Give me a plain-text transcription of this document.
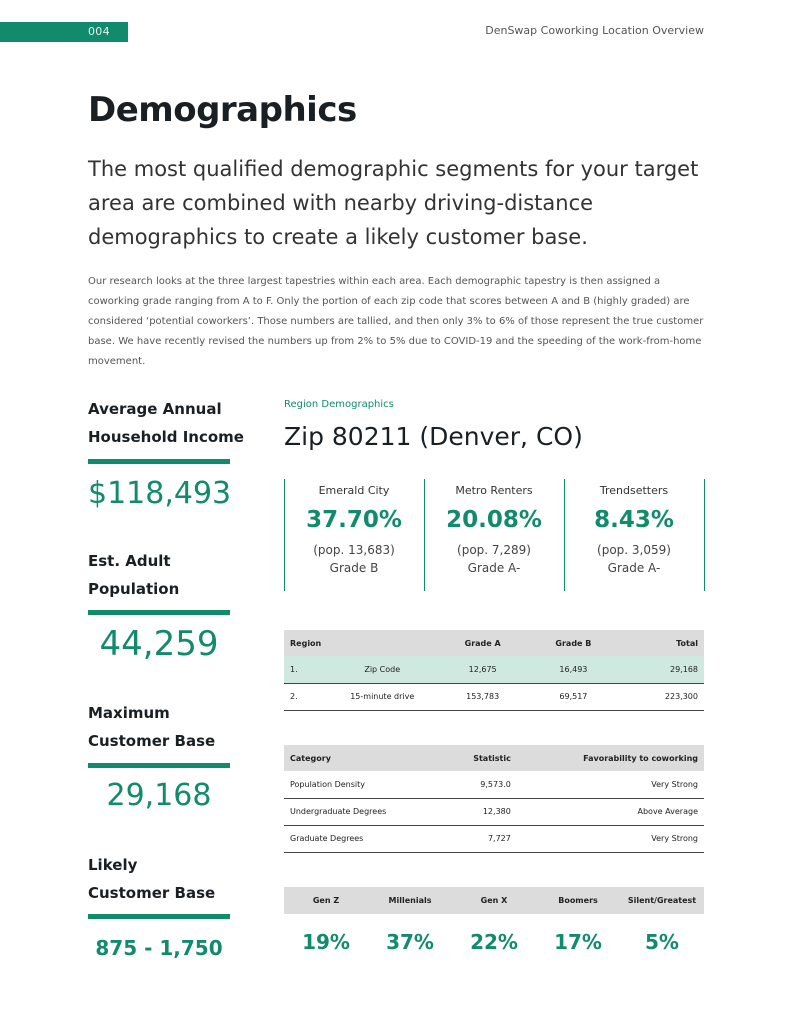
004	DenSwap Coworking Location Overview
Demographics

The most qualified demographic segments for your target area are combined with nearby driving-distance demographics to create a likely customer base.

Our research looks at the three largest tapestries within each area. Each demographic tapestry is then assigned a coworking grade ranging from A to F. Only the portion of each zip code that scores between A and B (highly graded) are considered ‘potential coworkers’. Those numbers are tallied, and then only 3% to 6% of those represent the true customer base. We have recently revised the numbers up from 2% to 5% due to COVID-19 and the speeding of the work-from-home movement.

Average Annual
Household Income
$118,493
Est. Adult
Population
44,259
Maximum
Customer Base
29,168
Likely
Customer Base
875 - 1,750
Region Demographics
Zip 80211 (Denver, CO)
Emerald City
37.70%
(pop. 13,683)
Grade B
Metro Renters
20.08%
(pop. 7,289)
Grade A-
Trendsetters
8.43%
(pop. 3,059)
Grade A-
Region		Grade A	Grade B	Total
1.	Zip Code	12,675	16,493	29,168
2.	15-minute drive	153,783	69,517	223,300
Category	Statistic	Favorability to coworking
Population Density	9,573.0	Very Strong
Undergraduate Degrees	12,380	Above Average
Graduate Degrees	7,727	Very Strong
Gen Z	Millenials	Gen X	Boomers	Silent/Greatest
19%	37%	22%	17%	5%
